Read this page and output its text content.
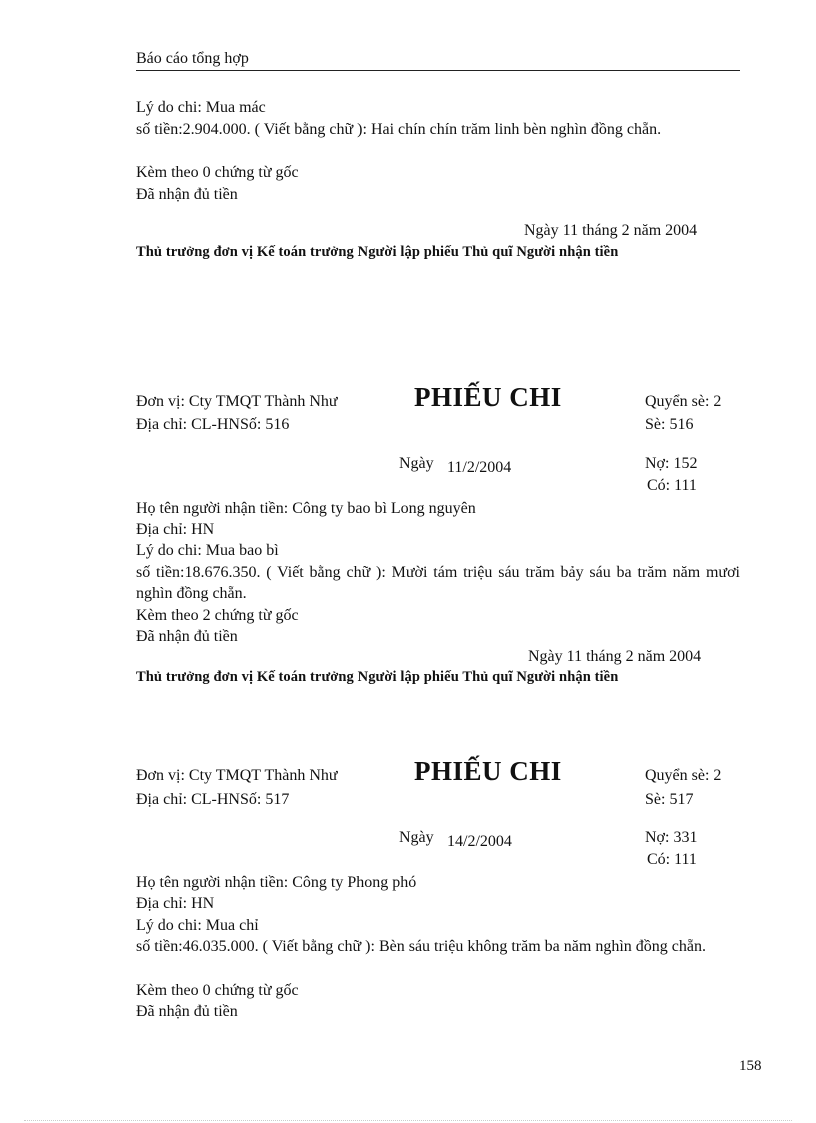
Báo cáo tổng hợp
Lý do chi: Mua mác
số tiền:2.904.000. ( Viết bằng chữ ): Hai chín chín trăm linh bèn nghìn đồng chẵn.
Kèm theo 0 chứng từ gốc
Đã nhận đủ tiền
Ngày 11 tháng 2 năm 2004
Thủ trưởng đơn vị Kế toán trưởng Người lập phiếu Thủ quĩ Người nhận tiền
Đơn vị: Cty TMQT Thành Như	PHIẾU CHI	Quyển sè: 2
Địa chỉ: CL-HNSố: 516	Sè: 516
Ngày 11/2/2004	Nợ: 152
Có: 111
Họ tên người nhận tiền: Công ty bao bì Long nguyên
Địa chỉ: HN
Lý do chi: Mua bao bì
số tiền:18.676.350. ( Viết bằng chữ ): Mười tám triệu sáu trăm bảy sáu ba trăm năm mươi nghìn đồng chẵn.
Kèm theo 2 chứng từ gốc
Đã nhận đủ tiền
Ngày 11 tháng 2 năm 2004
Thủ trưởng đơn vị Kế toán trưởng Người lập phiếu Thủ quĩ Người nhận tiền
Đơn vị: Cty TMQT Thành Như	PHIẾU CHI	Quyển sè: 2
Địa chỉ: CL-HNSố: 517	Sè: 517
Ngày 14/2/2004	Nợ: 331
Có: 111
Họ tên người nhận tiền: Công ty Phong phó
Địa chỉ: HN
Lý do chi: Mua chỉ
số tiền:46.035.000. ( Viết bằng chữ ): Bèn sáu triệu không trăm ba năm nghìn đồng chẵn.
Kèm theo 0 chứng từ gốc
Đã nhận đủ tiền
158
